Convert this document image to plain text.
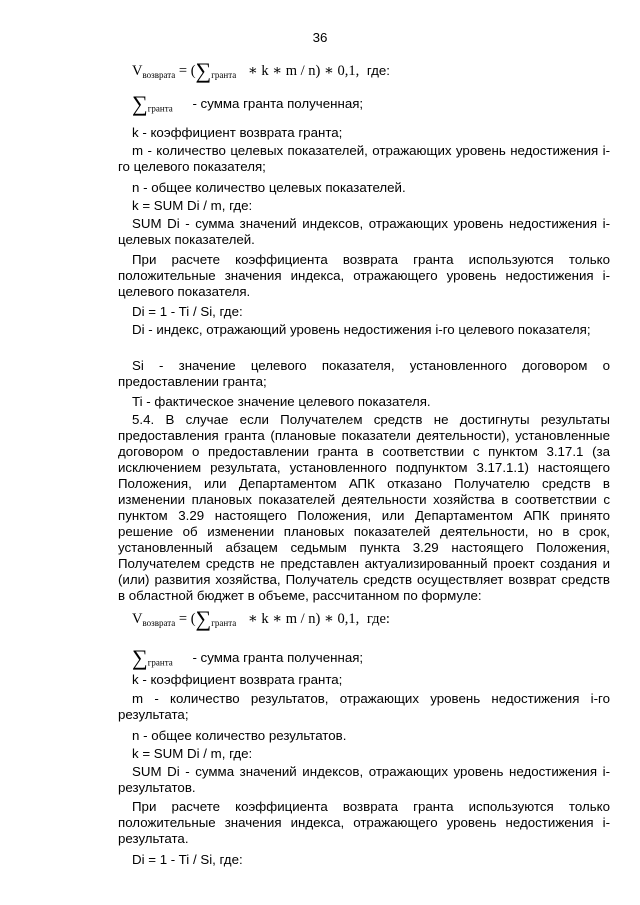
36
$V_{возврата} = (\sum_{гранта}$ ∗ k ∗ m / n) ∗ 0,1, где:
$\sum_{гранта}$ - сумма гранта полученная;
k - коэффициент возврата гранта;
m - количество целевых показателей, отражающих уровень недостижения i-го целевого показателя;
n - общее количество целевых показателей.
k = SUM Di / m, где:
SUM Di - сумма значений индексов, отражающих уровень недостижения i-целевых показателей.
При расчете коэффициента возврата гранта используются только положительные значения индекса, отражающего уровень недостижения i-целевого показателя.
Di = 1 - Ti / Si, где:
Di - индекс, отражающий уровень недостижения i-го целевого показателя;
Si - значение целевого показателя, установленного договором о предоставлении гранта;
Ti - фактическое значение целевого показателя.
5.4. В случае если Получателем средств не достигнуты результаты предоставления гранта (плановые показатели деятельности), установленные договором о предоставлении гранта в соответствии с пунктом 3.17.1 (за исключением результата, установленного подпунктом 3.17.1.1) настоящего Положения, или Департаментом АПК отказано Получателю средств в изменении плановых показателей деятельности хозяйства в соответствии с пунктом 3.29 настоящего Положения, или Департаментом АПК принято решение об изменении плановых показателей деятельности, но в срок, установленный абзацем седьмым пункта 3.29 настоящего Положения, Получателем средств не представлен актуализированный проект создания и (или) развития хозяйства, Получатель средств осуществляет возврат средств в областной бюджет в объеме, рассчитанном по формуле:
$V_{возврата} = (\sum_{гранта}$ ∗ k ∗ m / n) ∗ 0,1, где:
$\sum_{гранта}$ - сумма гранта полученная;
k - коэффициент возврата гранта;
m - количество результатов, отражающих уровень недостижения i-го результата;
n - общее количество результатов.
k = SUM Di / m, где:
SUM Di - сумма значений индексов, отражающих уровень недостижения i-результатов.
При расчете коэффициента возврата гранта используются только положительные значения индекса, отражающего уровень недостижения i-результата.
Di = 1 - Ti / Si, где:
